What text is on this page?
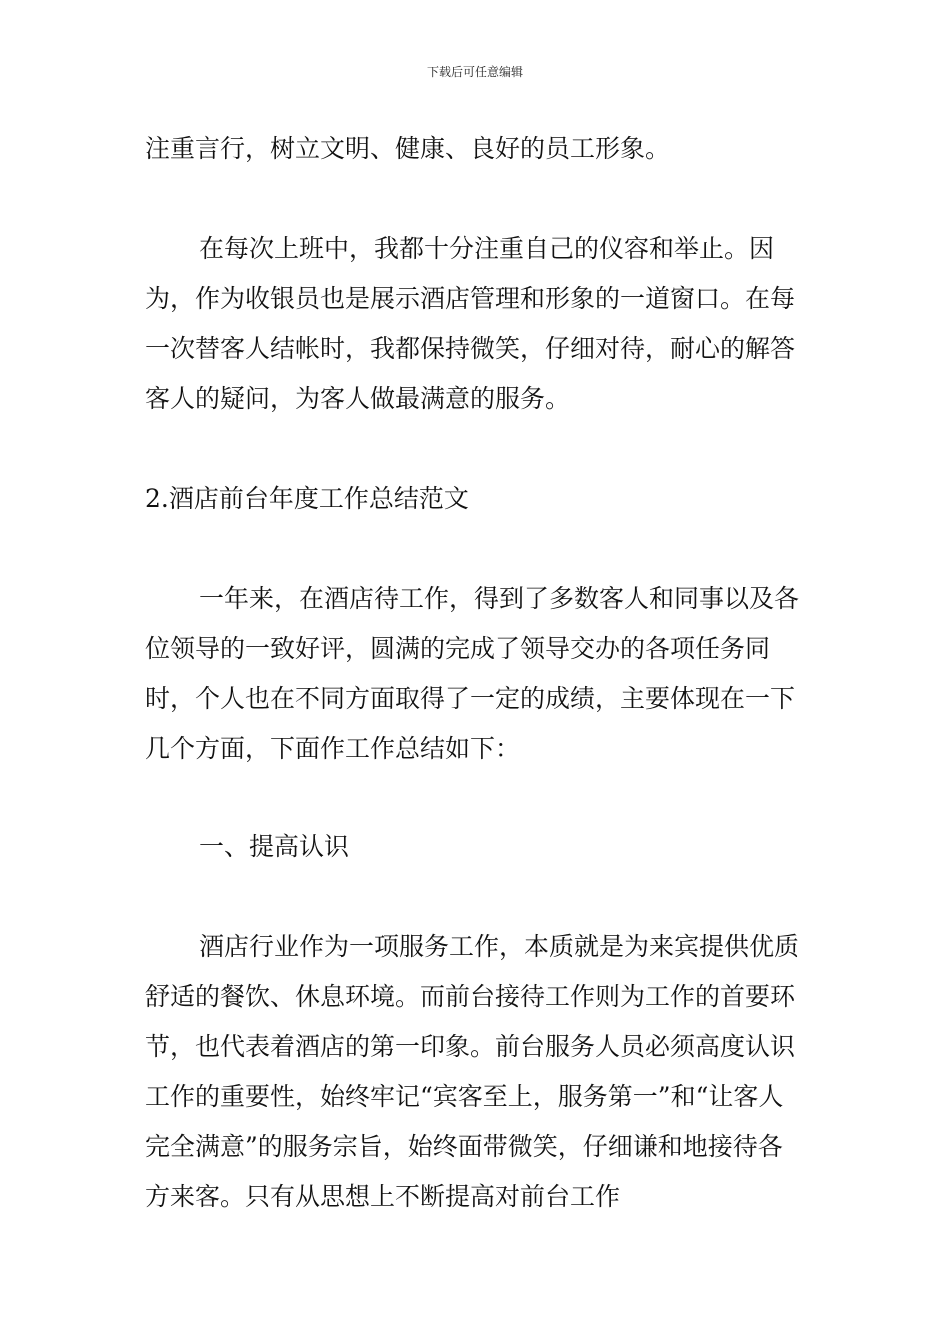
下载后可任意编辑

注重言行，树立文明、健康、良好的员工形象。

在每次上班中，我都十分注重自己的仪容和举止。因为，作为收银员也是展示酒店管理和形象的一道窗口。在每一次替客人结帐时，我都保持微笑，仔细对待，耐心的解答客人的疑问，为客人做最满意的服务。

2.酒店前台年度工作总结范文

一年来，在酒店待工作，得到了多数客人和同事以及各位领导的一致好评，圆满的完成了领导交办的各项任务同时，个人也在不同方面取得了一定的成绩，主要体现在一下几个方面，下面作工作总结如下：

一、提高认识

酒店行业作为一项服务工作，本质就是为来宾提供优质舒适的餐饮、休息环境。而前台接待工作则为工作的首要环节，也代表着酒店的第一印象。前台服务人员必须高度认识工作的重要性，始终牢记“宾客至上，服务第一”和“让客人完全满意”的服务宗旨，始终面带微笑，仔细谦和地接待各方来客。只有从思想上不断提高对前台工作
